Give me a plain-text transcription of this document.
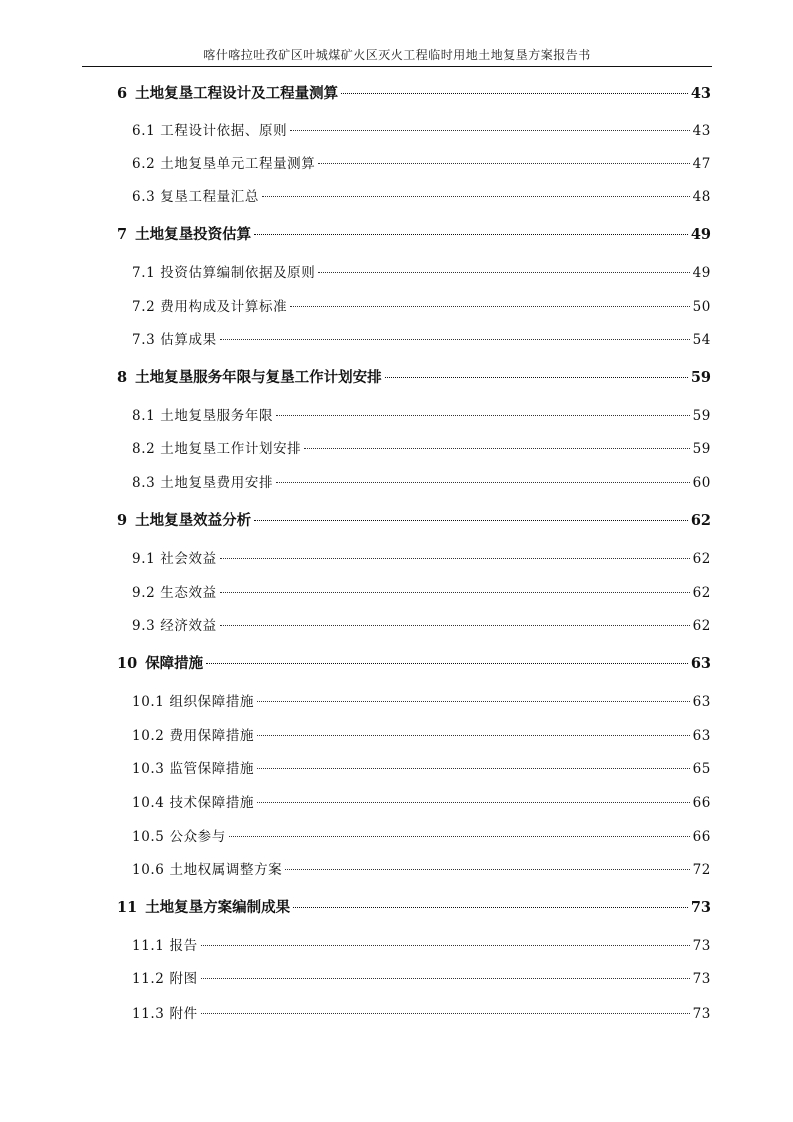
喀什喀拉吐孜矿区叶城煤矿火区灭火工程临时用地土地复垦方案报告书
6 土地复垦工程设计及工程量测算	43
6.1 工程设计依据、原则	43
6.2 土地复垦单元工程量测算	47
6.3 复垦工程量汇总	48
7 土地复垦投资估算	49
7.1 投资估算编制依据及原则	49
7.2 费用构成及计算标准	50
7.3 估算成果	54
8 土地复垦服务年限与复垦工作计划安排	59
8.1 土地复垦服务年限	59
8.2 土地复垦工作计划安排	59
8.3 土地复垦费用安排	60
9 土地复垦效益分析	62
9.1 社会效益	62
9.2 生态效益	62
9.3 经济效益	62
10 保障措施	63
10.1 组织保障措施	63
10.2 费用保障措施	63
10.3 监管保障措施	65
10.4 技术保障措施	66
10.5 公众参与	66
10.6 土地权属调整方案	72
11 土地复垦方案编制成果	73
11.1 报告	73
11.2 附图	73
11.3 附件	73
